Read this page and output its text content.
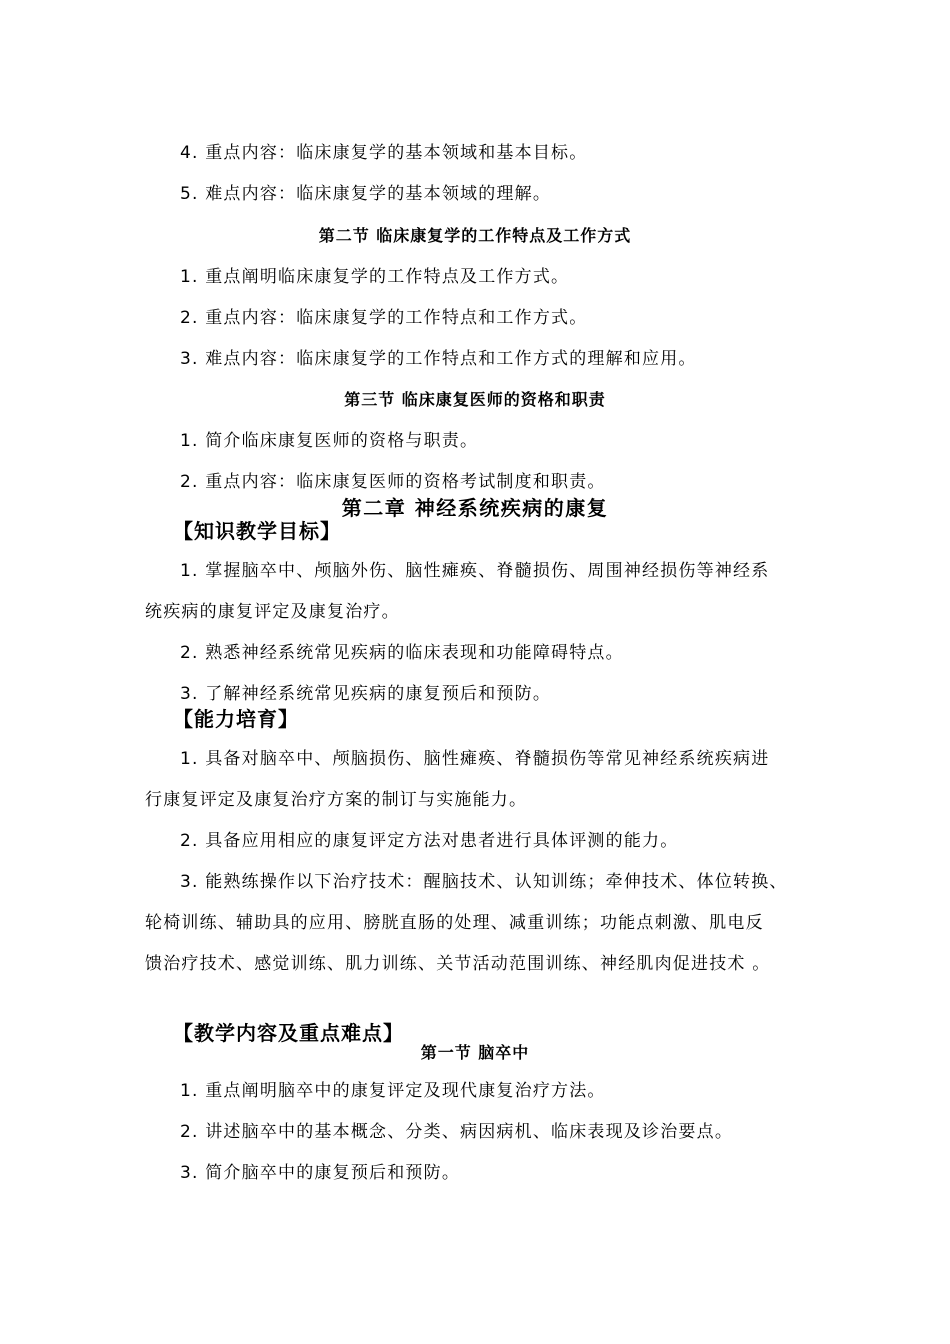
4. 重点内容：临床康复学的基本领域和基本目标。
5. 难点内容：临床康复学的基本领域的理解。
第二节 临床康复学的工作特点及工作方式
1. 重点阐明临床康复学的工作特点及工作方式。
2. 重点内容：临床康复学的工作特点和工作方式。
3. 难点内容：临床康复学的工作特点和工作方式的理解和应用。
第三节 临床康复医师的资格和职责
1. 简介临床康复医师的资格与职责。
2. 重点内容：临床康复医师的资格考试制度和职责。
第二章 神经系统疾病的康复
【知识教学目标】
1. 掌握脑卒中、颅脑外伤、脑性瘫痪、脊髓损伤、周围神经损伤等神经系
统疾病的康复评定及康复治疗。
2. 熟悉神经系统常见疾病的临床表现和功能障碍特点。
3. 了解神经系统常见疾病的康复预后和预防。
【能力培育】
1. 具备对脑卒中、颅脑损伤、脑性瘫痪、脊髓损伤等常见神经系统疾病进
行康复评定及康复治疗方案的制订与实施能力。
2. 具备应用相应的康复评定方法对患者进行具体评测的能力。
3. 能熟练操作以下治疗技术：醒脑技术、认知训练；牵伸技术、体位转换、
轮椅训练、辅助具的应用、膀胱直肠的处理、减重训练；功能点刺激、肌电反
馈治疗技术、感觉训练、肌力训练、关节活动范围训练、神经肌肉促进技术 。
【教学内容及重点难点】
第一节 脑卒中
1. 重点阐明脑卒中的康复评定及现代康复治疗方法。
2. 讲述脑卒中的基本概念、分类、病因病机、临床表现及诊治要点。
3. 简介脑卒中的康复预后和预防。
